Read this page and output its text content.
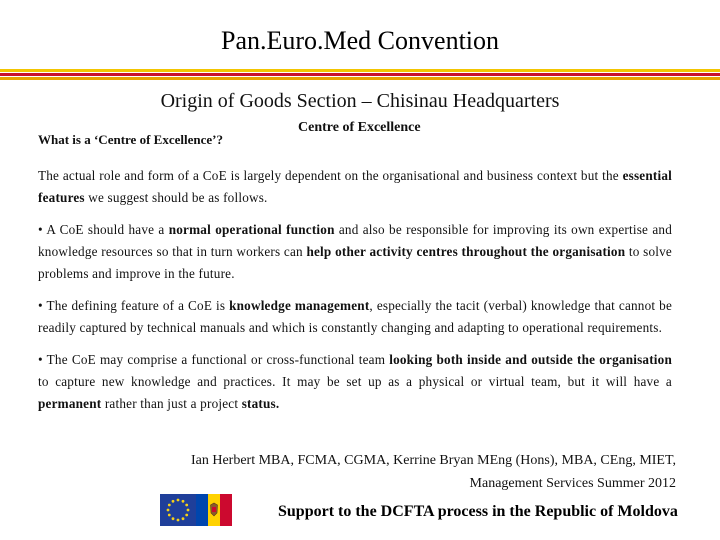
Pan.Euro.Med Convention
Origin of Goods Section – Chisinau Headquarters
What is a ‘Centre of Excellence’?
Centre of Excellence

The actual role and form of a CoE is largely dependent on the organisational and business context but the essential features we suggest should be as follows.

• A CoE should have a normal operational function and also be responsible for improving its own expertise and knowledge resources so that in turn workers can help other activity centres throughout the organisation to solve problems and improve in the future.

• The defining feature of a CoE is knowledge management, especially the tacit (verbal) knowledge that cannot be readily captured by technical manuals and which is constantly changing and adapting to operational requirements.

• The CoE may comprise a functional or cross-functional team looking both inside and outside the organisation to capture new knowledge and practices. It may be set up as a physical or virtual team, but it will have a permanent rather than just a project status.

Ian Herbert MBA, FCMA, CGMA, Kerrine Bryan MEng (Hons), MBA, CEng, MIET,
Management Services Summer 2012
Support to the DCFTA process in the Republic of Moldova
